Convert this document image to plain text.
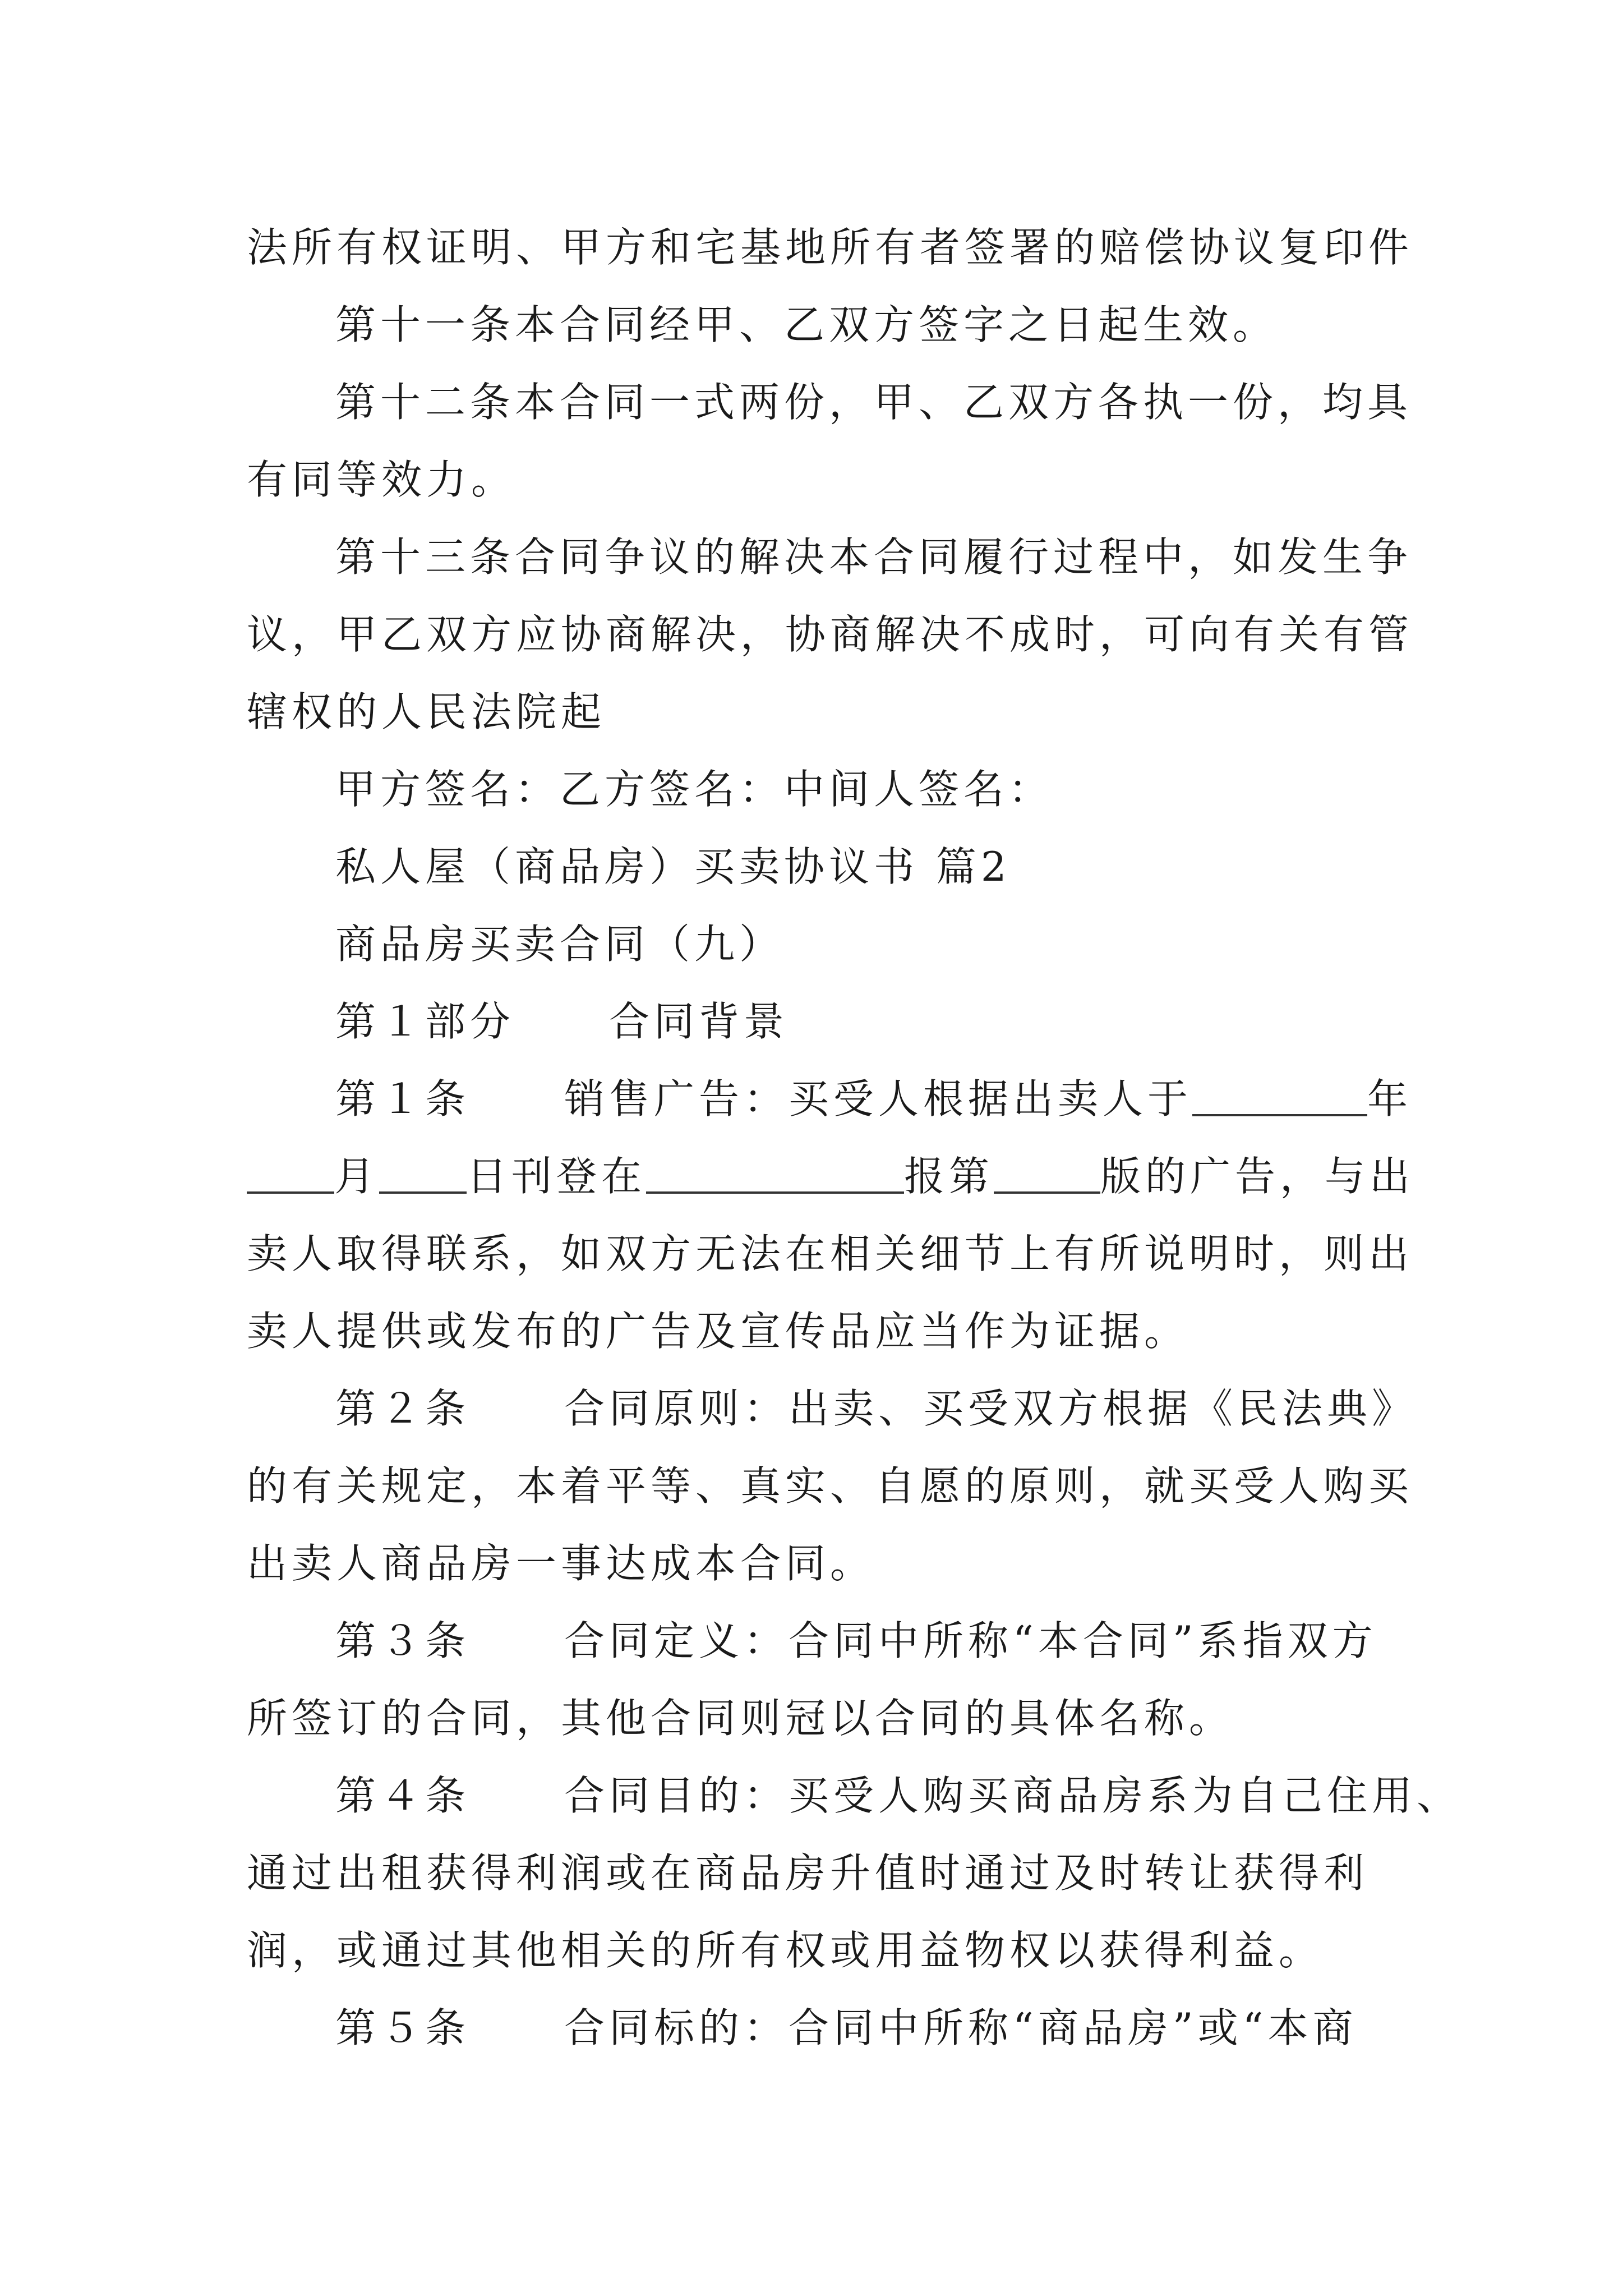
法所有权证明、甲方和宅基地所有者签署的赔偿协议复印件
第十一条本合同经甲、乙双方签字之日起生效。
第十二条本合同一式两份，甲、乙双方各执一份，均具
有同等效力。
第十三条合同争议的解决本合同履行过程中，如发生争
议，甲乙双方应协商解决，协商解决不成时，可向有关有管
辖权的人民法院起
甲方签名：乙方签名：中间人签名：
私人屋（商品房）买卖协议书 篇2
商品房买卖合同（九）
第１部分 合同背景
第１条 销售广告：买受人根据出卖人于	年
月 日刊登在	报第	版的广告，与出
卖人取得联系，如双方无法在相关细节上有所说明时，则出
卖人提供或发布的广告及宣传品应当作为证据。
第２条 合同原则：出卖、买受双方根据《民法典》
的有关规定，本着平等、真实、自愿的原则，就买受人购买
出卖人商品房一事达成本合同。
第３条 合同定义：合同中所称“本合同”系指双方
所签订的合同，其他合同则冠以合同的具体名称。
第４条 合同目的：买受人购买商品房系为自己住用、
通过出租获得利润或在商品房升值时通过及时转让获得利
润，或通过其他相关的所有权或用益物权以获得利益。
第５条 合同标的：合同中所称“商品房”或“本商
